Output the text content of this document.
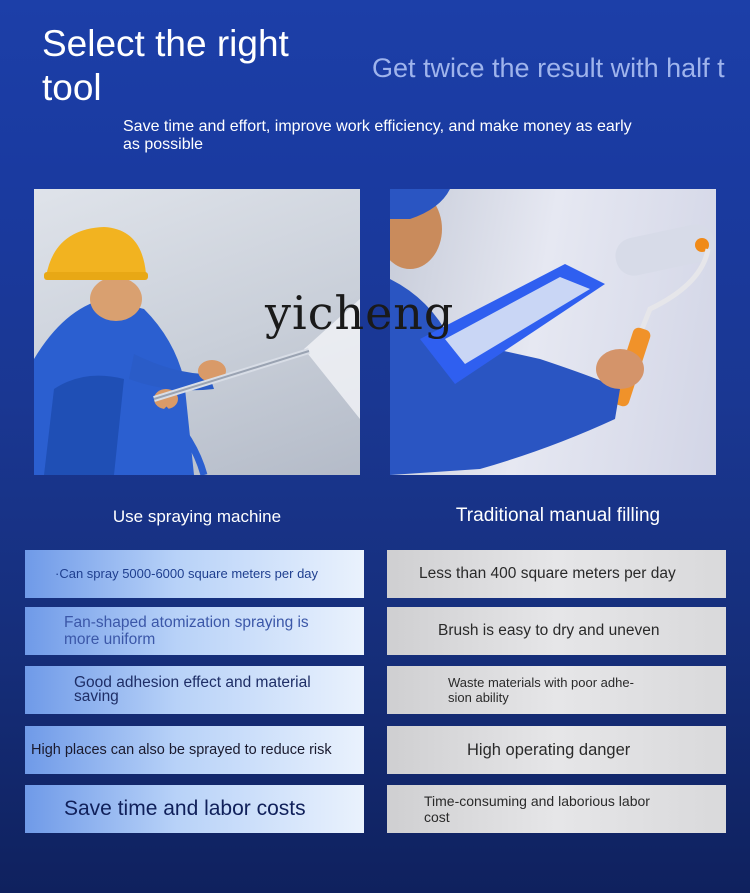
Select the right tool	Get twice the result with half t
Save time and effort, improve work efficiency, and make money as early as possible
yicheng
Use spraying machine	Traditional manual filling
·Can spray 5000-6000 square meters per day
Fan-shaped atomization spraying is more uniform
Good adhesion effect and material saving
High places can also be sprayed to reduce risk
Save time and labor costs
Less than 400 square meters per day
Brush is easy to dry and uneven
Waste materials with poor adhe- sion ability
High operating danger
Time-consuming and laborious labor cost
